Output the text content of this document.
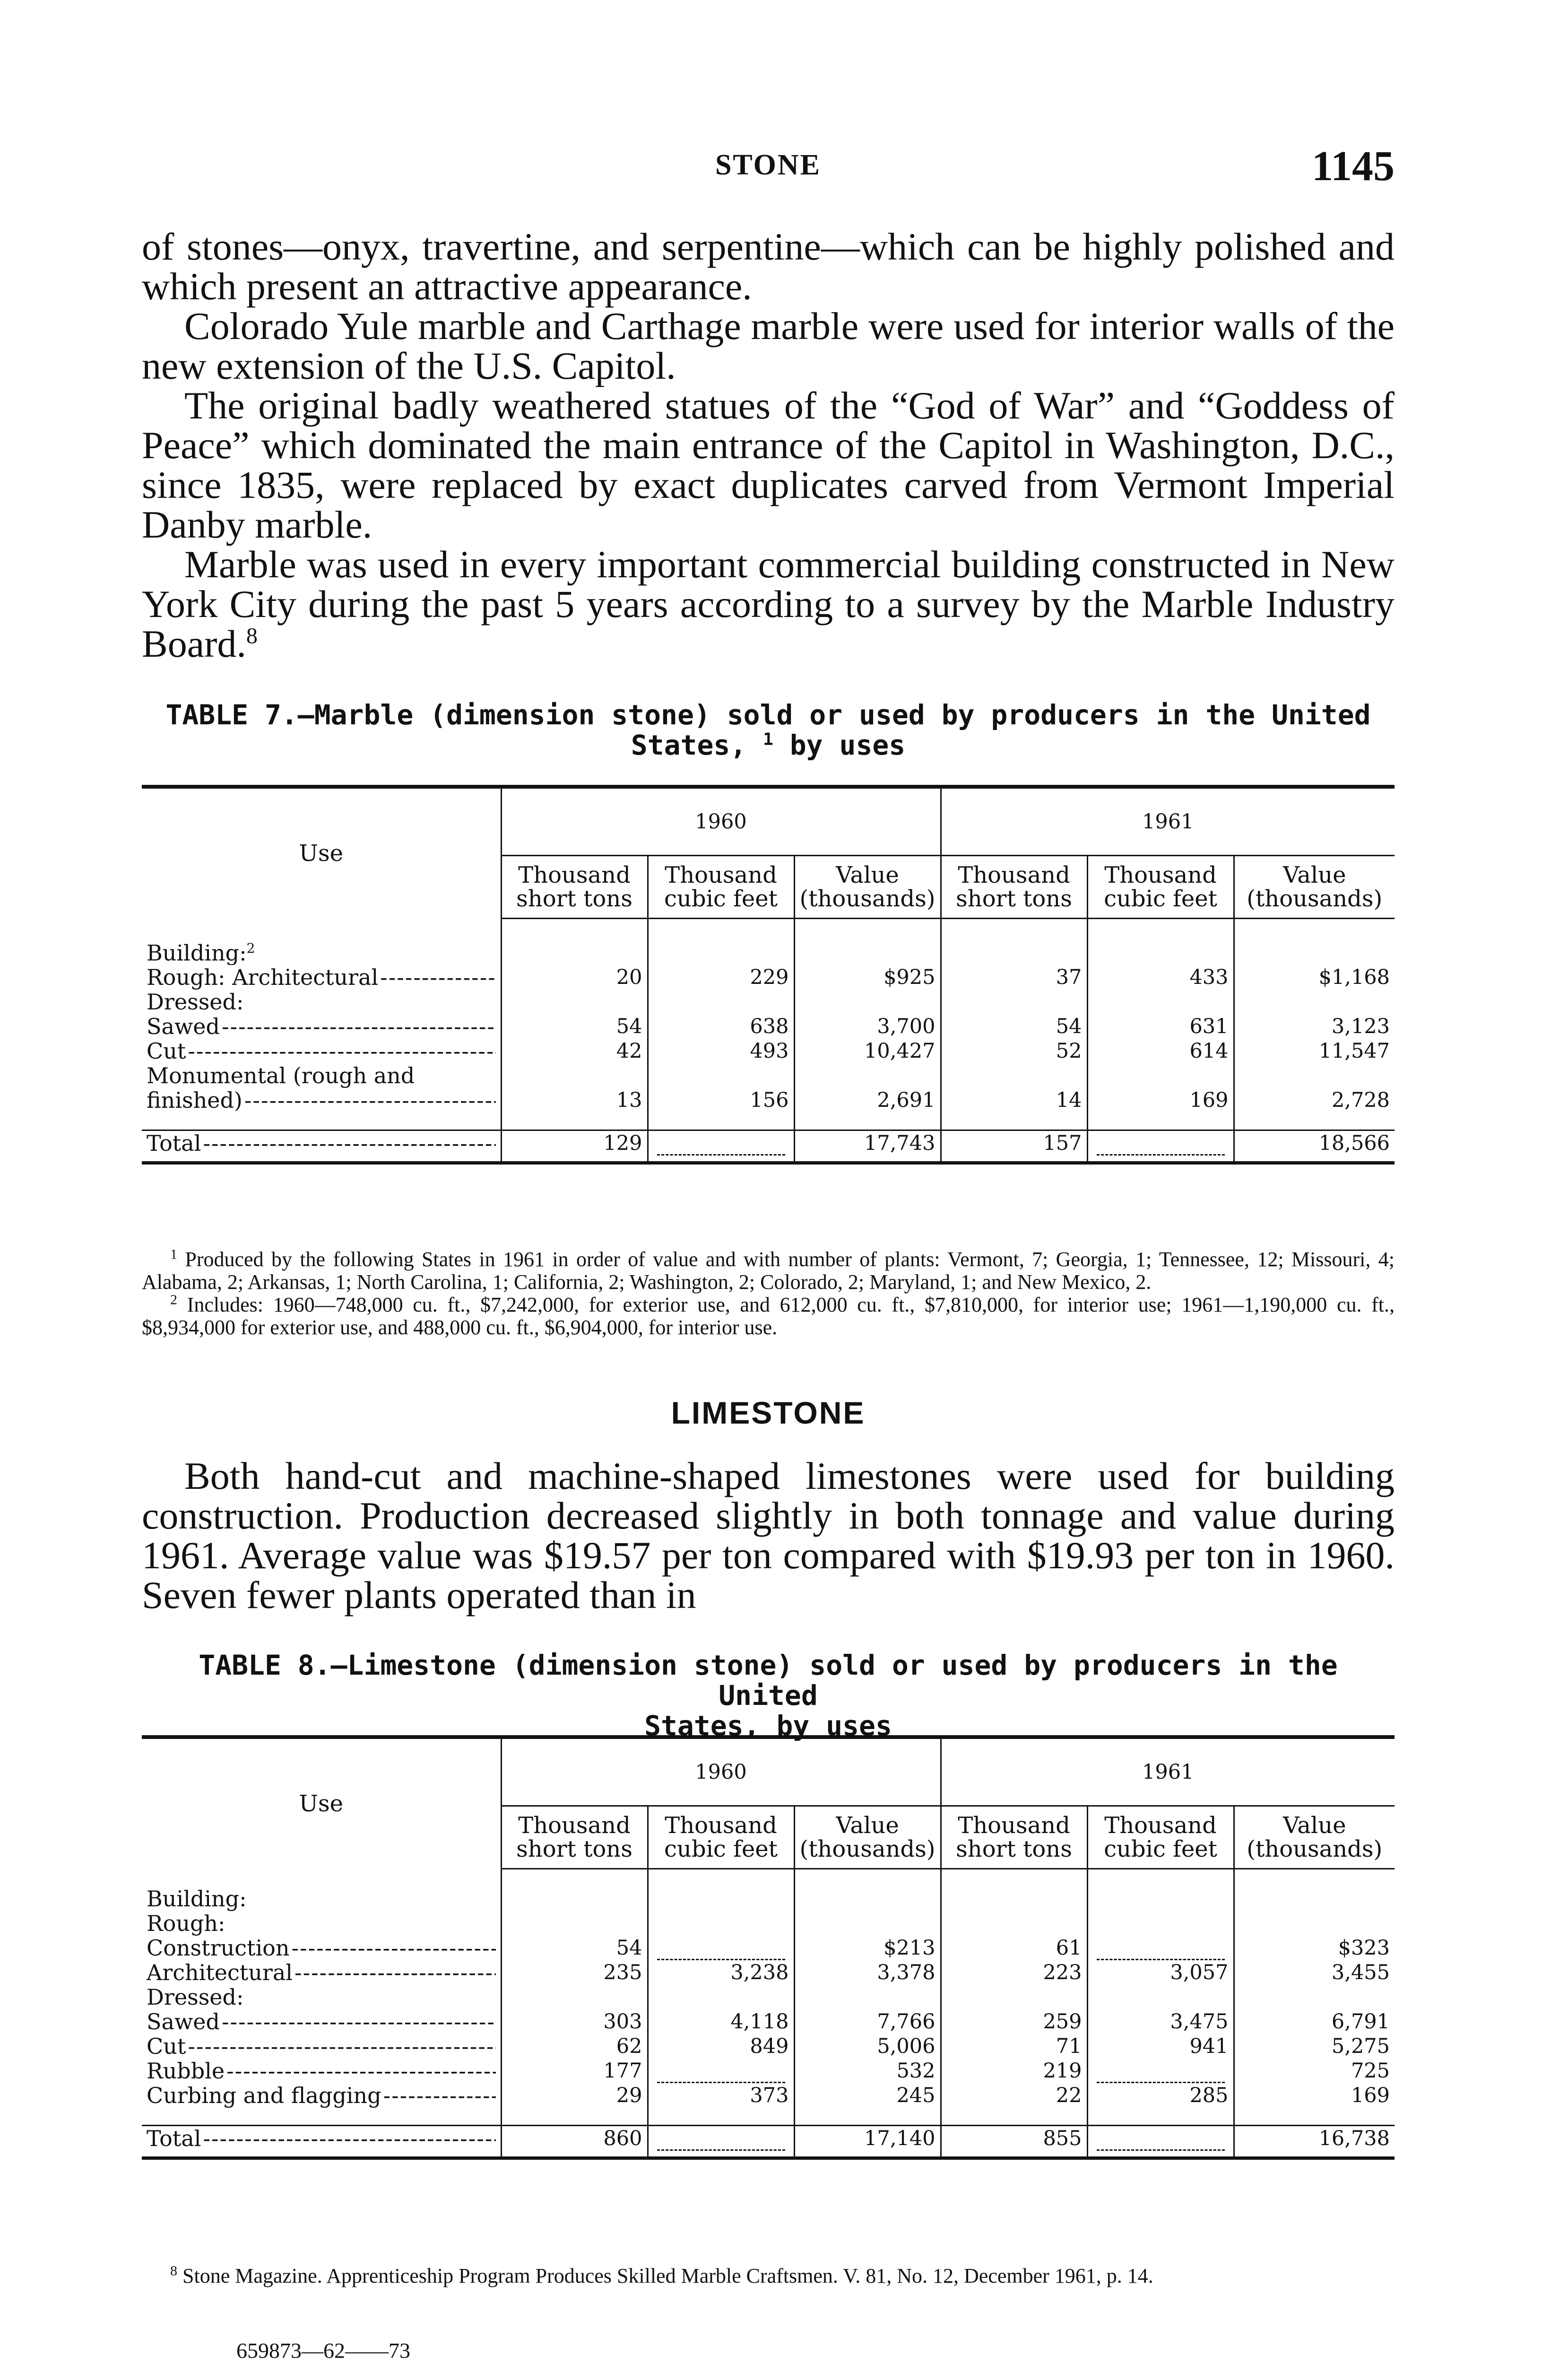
STONE	1145

of stones—onyx, travertine, and serpentine—which can be highly polished and which present an attractive appearance.

Colorado Yule marble and Carthage marble were used for interior walls of the new extension of the U.S. Capitol.

The original badly weathered statues of the “God of War” and “Goddess of Peace” which dominated the main entrance of the Capitol in Washington, D.C., since 1835, were replaced by exact duplicates carved from Vermont Imperial Danby marble.

Marble was used in every important commercial building constructed in New York City during the past 5 years according to a survey by the Marble Industry Board.$^8$

TABLE 7.—Marble (dimension stone) sold or used by producers in the United
States, $^1$ by uses
Use	1960			1961		
	Thousand short tons	Thousand cubic feet	Value (thousands)	Thousand short tons	Thousand cubic feet	Value (thousands)

Building:$^2$						

Rough: Architectural -----	20	229	$925	37	433	$1,168
Dressed:						

Sawed -----	54	638	3,700	54	631	3,123

Cut -----	42	493	10,427	52	614	11,547
Monumental (rough and						

finished) -----	13	156	2,691	14	169	2,728

Total -----	129		17,743	157		18,566

$^1$ Produced by the following States in 1961 in order of value and with number of plants: Vermont, 7; Georgia, 1; Tennessee, 12; Missouri, 4; Alabama, 2; Arkansas, 1; North Carolina, 1; California, 2; Washington, 2; Colorado, 2; Maryland, 1; and New Mexico, 2.

$^2$ Includes: 1960—748,000 cu. ft., $7,242,000, for exterior use, and 612,000 cu. ft., $7,810,000, for interior use; 1961—1,190,000 cu. ft., $8,934,000 for exterior use, and 488,000 cu. ft., $6,904,000, for interior use.

LIMESTONE

Both hand-cut and machine-shaped limestones were used for building construction. Production decreased slightly in both tonnage and value during 1961. Average value was $19.57 per ton compared with $19.93 per ton in 1960. Seven fewer plants operated than in

TABLE 8.—Limestone (dimension stone) sold or used by producers in the United
States, by uses
Use	1960			1961		
	Thousand short tons	Thousand cubic feet	Value (thousands)	Thousand short tons	Thousand cubic feet	Value (thousands)

Building:						
Rough:						

Construction -----	54		$213	61		$323

Architectural -----	235	3,238	3,378	223	3,057	3,455
Dressed:						

Sawed -----	303	4,118	7,766	259	3,475	6,791

Cut -----	62	849	5,006	71	941	5,275

Rubble -----	177		532	219		725

Curbing and flagging -----	29	373	245	22	285	169

Total -----	860		17,140	855		16,738

$^8$ Stone Magazine. Apprenticeship Program Produces Skilled Marble Craftsmen. V. 81, No. 12, December 1961, p. 14.

659873—62——73
